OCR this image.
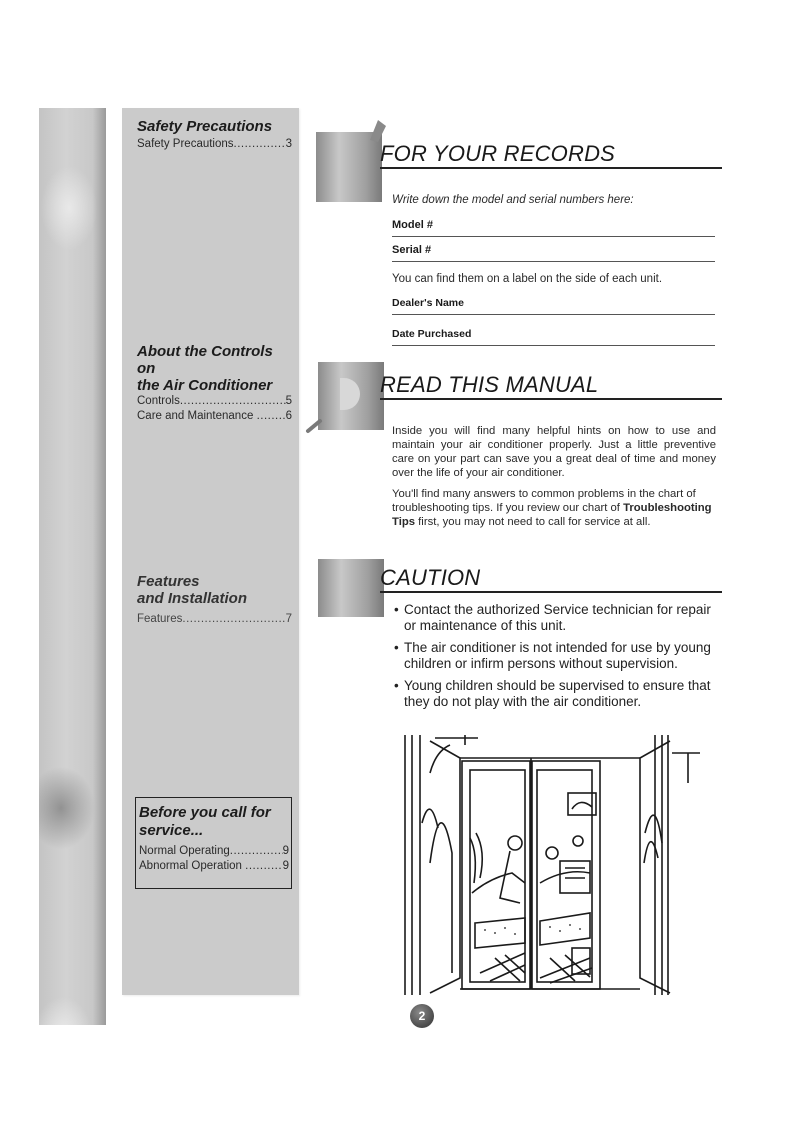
Safety Precautions
Safety Precautions .....	3
About the Controls on
the Air Conditioner
Controls .....	5
Care and Maintenance .....	6
Features
and Installation
Features .....	7
Before you call for
service...
Normal Operating .....	9
Abnormal Operation .....	9
FOR YOUR RECORDS
Write down the model and serial numbers here:
Model #
Serial #
You can find them on a label on the side of each unit.
Dealer's Name
Date Purchased
READ THIS MANUAL

Inside you will find many helpful hints on how to use and maintain your air conditioner properly. Just a little preventive care on your part can save you a great deal of time and money over the life of your air conditioner.

You'll find many answers to common problems in the chart of troubleshooting tips. If you review our chart of Troubleshooting Tips first, you may not need to call for service at all.

CAUTION
• Contact the authorized Service technician for repair or maintenance of this unit.
• The air conditioner is not intended for use by young children or infirm persons without supervision.
• Young children should be supervised to ensure that they do not play with the air conditioner.
2
